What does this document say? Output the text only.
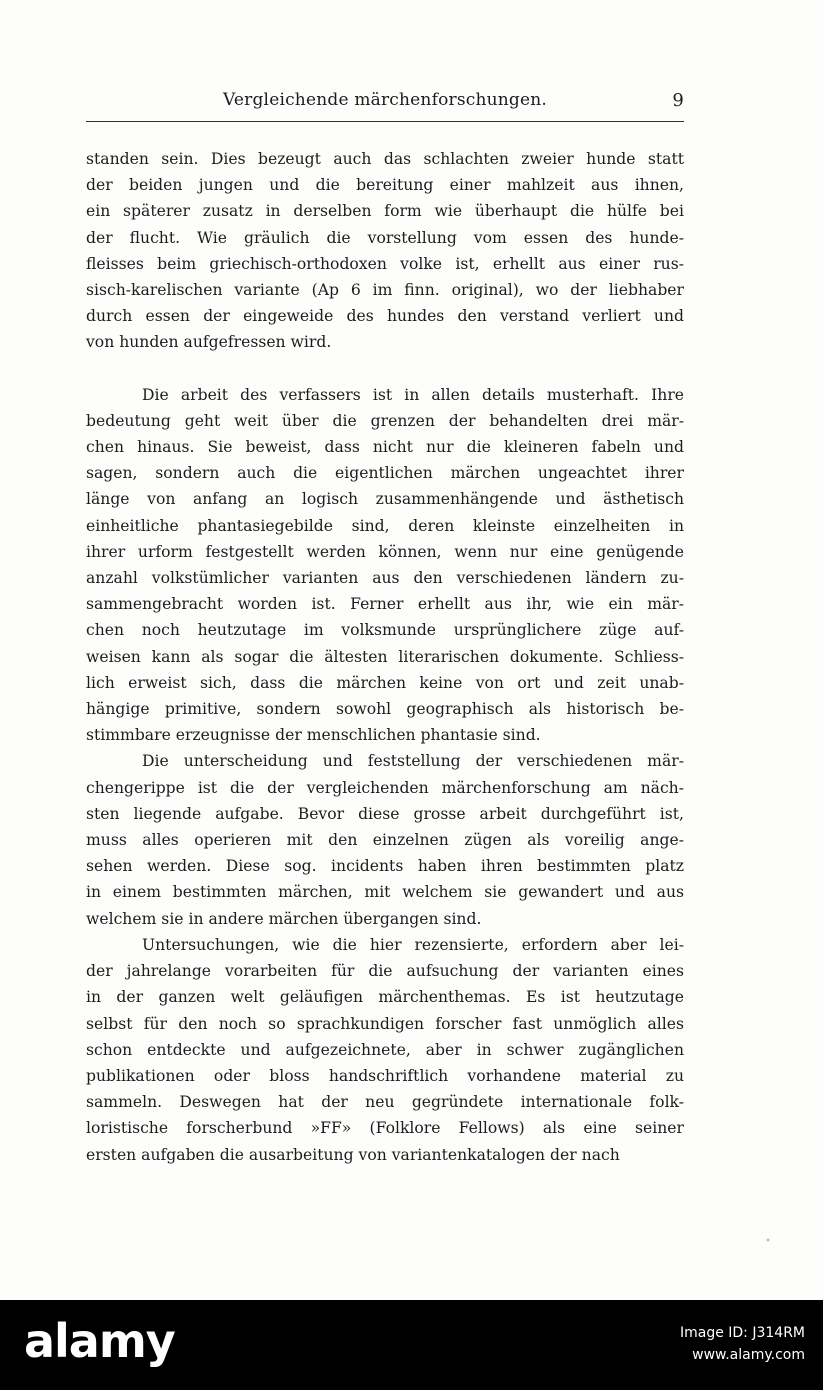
Vergleichende märchenforschungen.	9

standen sein. Dies bezeugt auch das schlachten zweier hunde statt
der beiden jungen und die bereitung einer mahlzeit aus ihnen,
ein späterer zusatz in derselben form wie überhaupt die hülfe bei
der flucht. Wie gräulich die vorstellung vom essen des hunde-
fleisses beim griechisch-orthodoxen volke ist, erhellt aus einer rus-
sisch-karelischen variante (Ap 6 im finn. original), wo der liebhaber
durch essen der eingeweide des hundes den verstand verliert und
von hunden aufgefressen wird.

Die arbeit des verfassers ist in allen details musterhaft. Ihre
bedeutung geht weit über die grenzen der behandelten drei mär-
chen hinaus. Sie beweist, dass nicht nur die kleineren fabeln und
sagen, sondern auch die eigentlichen märchen ungeachtet ihrer
länge von anfang an logisch zusammenhängende und ästhetisch
einheitliche phantasiegebilde sind, deren kleinste einzelheiten in
ihrer urform festgestellt werden können, wenn nur eine genügende
anzahl volkstümlicher varianten aus den verschiedenen ländern zu-
sammengebracht worden ist. Ferner erhellt aus ihr, wie ein mär-
chen noch heutzutage im volksmunde ursprünglichere züge auf-
weisen kann als sogar die ältesten literarischen dokumente. Schliess-
lich erweist sich, dass die märchen keine von ort und zeit unab-
hängige primitive, sondern sowohl geographisch als historisch be-
stimmbare erzeugnisse der menschlichen phantasie sind.

Die unterscheidung und feststellung der verschiedenen mär-
chengerippe ist die der vergleichenden märchenforschung am näch-
sten liegende aufgabe. Bevor diese grosse arbeit durchgeführt ist,
muss alles operieren mit den einzelnen zügen als voreilig ange-
sehen werden. Diese sog. incidents haben ihren bestimmten platz
in einem bestimmten märchen, mit welchem sie gewandert und aus
welchem sie in andere märchen übergangen sind.

Untersuchungen, wie die hier rezensierte, erfordern aber lei-
der jahrelange vorarbeiten für die aufsuchung der varianten eines
in der ganzen welt geläufigen märchenthemas. Es ist heutzutage
selbst für den noch so sprachkundigen forscher fast unmöglich alles
schon entdeckte und aufgezeichnete, aber in schwer zugänglichen
publikationen oder bloss handschriftlich vorhandene material zu
sammeln. Deswegen hat der neu gegründete internationale folk-
loristische forscherbund »FF» (Folklore Fellows) als eine seiner
ersten aufgaben die ausarbeitung von variantenkatalogen der nach

•
alamy	Image ID: J314RM
www.alamy.com
